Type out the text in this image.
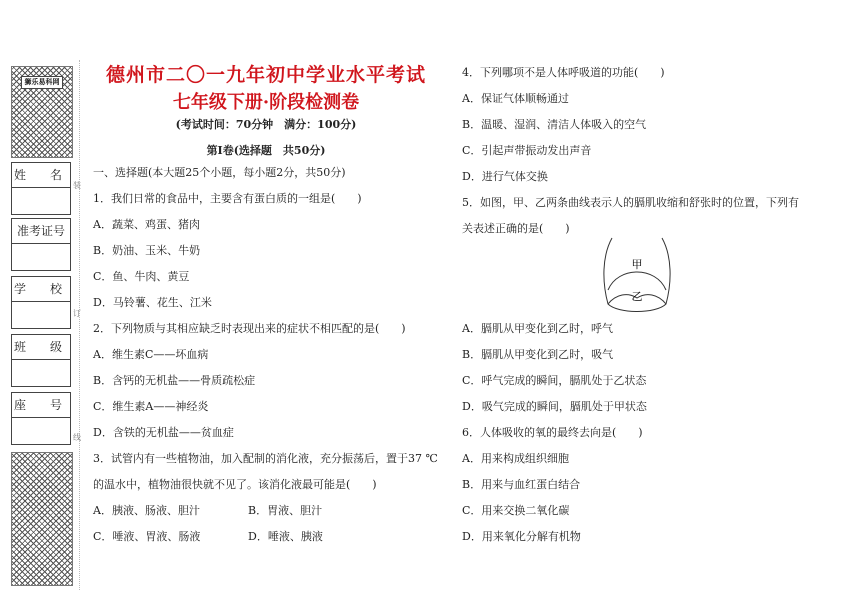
狮乐易科网
姓　名
准考证号
学　校
班　级
座　号
装
订
线
德州市二〇一九年初中学业水平考试
七年级下册·阶段检测卷
(考试时间：70分钟　满分：100分)
第Ⅰ卷(选择题　共50分)
一、选择题(本大题25个小题，每小题2分，共50分)
1．我们日常的食品中，主要含有蛋白质的一组是(　　)
A．蔬菜、鸡蛋、猪肉
B．奶油、玉米、牛奶
C．鱼、牛肉、黄豆
D．马铃薯、花生、江米
2．下列物质与其相应缺乏时表现出来的症状不相匹配的是(　　)
A．维生素C——坏血病
B．含钙的无机盐——骨质疏松症
C．维生素A——神经炎
D．含铁的无机盐——贫血症
3．试管内有一些植物油，加入配制的消化液，充分振荡后，置于37 ℃
的温水中，植物油很快就不见了。该消化液最可能是(　　)
A．胰液、肠液、胆汁	B．胃液、胆汁
C．唾液、胃液、肠液	D．唾液、胰液
4．下列哪项不是人体呼吸道的功能(　　)
A．保证气体顺畅通过
B．温暖、湿润、清洁人体吸入的空气
C．引起声带振动发出声音
D．进行气体交换
5．如图，甲、乙两条曲线表示人的膈肌收缩和舒张时的位置，下列有
关表述正确的是(　　)
甲
乙
A．膈肌从甲变化到乙时，呼气
B．膈肌从甲变化到乙时，吸气
C．呼气完成的瞬间，膈肌处于乙状态
D．吸气完成的瞬间，膈肌处于甲状态
6．人体吸收的氧的最终去向是(　　)
A．用来构成组织细胞
B．用来与血红蛋白结合
C．用来交换二氧化碳
D．用来氧化分解有机物
